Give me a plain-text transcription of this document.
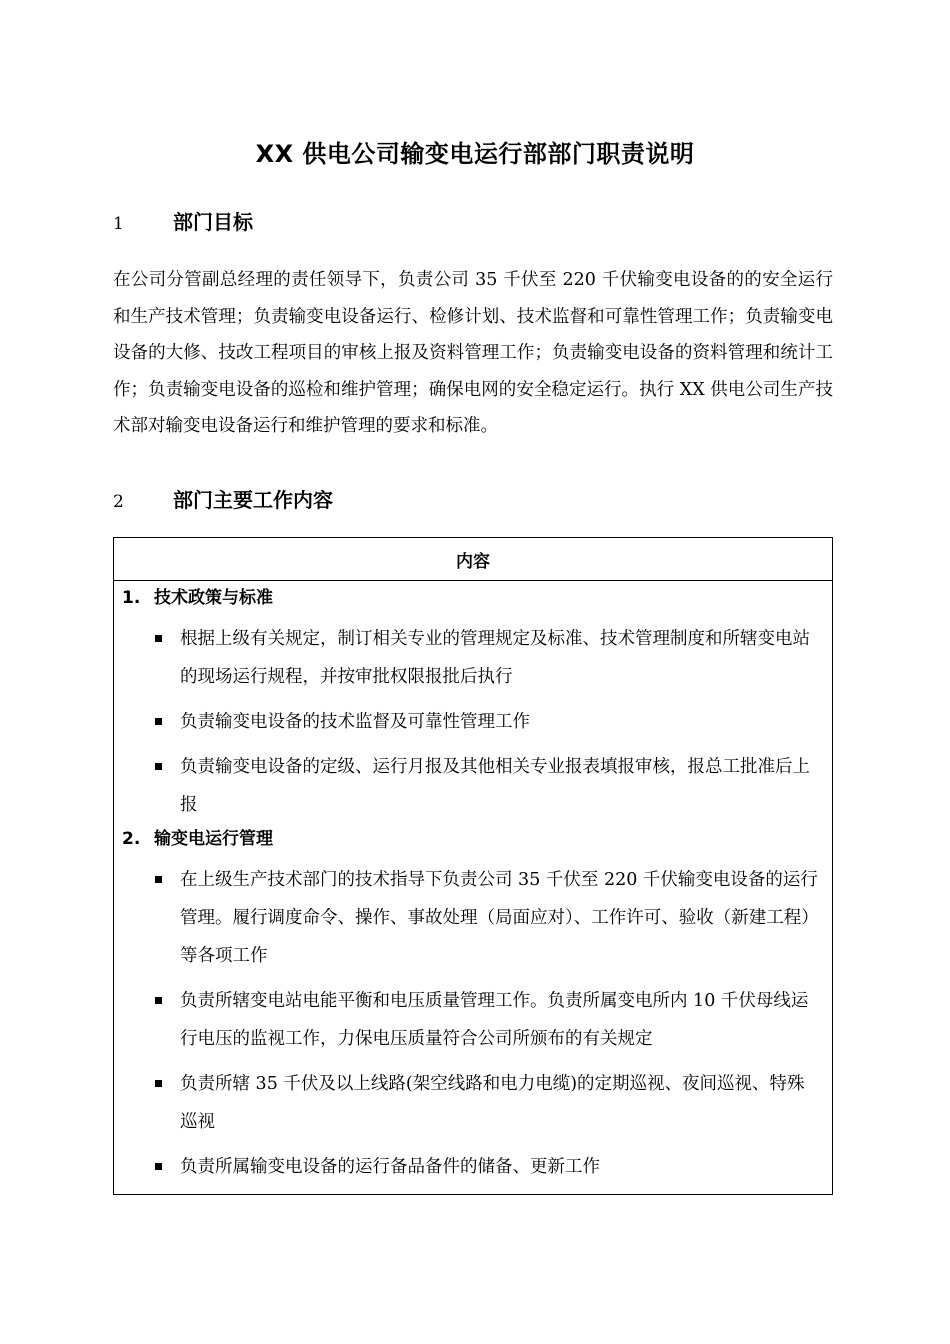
XX 供电公司输变电运行部部门职责说明
1 部门目标
在公司分管副总经理的责任领导下，负责公司 35 千伏至 220 千伏输变电设备的的安全运行和生产技术管理；负责输变电设备运行、检修计划、技术监督和可靠性管理工作；负责输变电设备的大修、技改工程项目的审核上报及资料管理工作；负责输变电设备的资料管理和统计工作；负责输变电设备的巡检和维护管理；确保电网的安全稳定运行。执行 XX 供电公司生产技术部对输变电设备运行和维护管理的要求和标准。
2 部门主要工作内容
内容
1. 技术政策与标准
根据上级有关规定，制订相关专业的管理规定及标准、技术管理制度和所辖变电站的现场运行规程，并按审批权限报批后执行
负责输变电设备的技术监督及可靠性管理工作
负责输变电设备的定级、运行月报及其他相关专业报表填报审核，报总工批准后上报
2. 输变电运行管理
在上级生产技术部门的技术指导下负责公司 35 千伏至 220 千伏输变电设备的运行管理。履行调度命令、操作、事故处理（局面应对）、工作许可、验收（新建工程）等各项工作
负责所辖变电站电能平衡和电压质量管理工作。负责所属变电所内 10 千伏母线运行电压的监视工作，力保电压质量符合公司所颁布的有关规定
负责所辖 35 千伏及以上线路(架空线路和电力电缆)的定期巡视、夜间巡视、特殊巡视
负责所属输变电设备的运行备品备件的储备、更新工作
